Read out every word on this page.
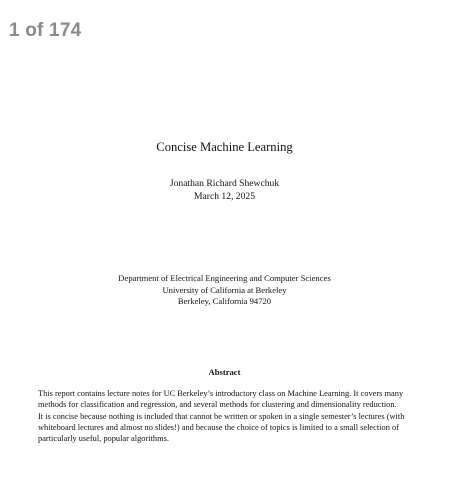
1 of 174
Concise Machine Learning
Jonathan Richard Shewchuk
March 12, 2025
Department of Electrical Engineering and Computer Sciences
University of California at Berkeley
Berkeley, California 94720
Abstract
This report contains lecture notes for UC Berkeley’s introductory class on Machine Learning. It covers many
methods for classification and regression, and several methods for clustering and dimensionality reduction.
It is concise because nothing is included that cannot be written or spoken in a single semester’s lectures (with
whiteboard lectures and almost no slides!) and because the choice of topics is limited to a small selection of
particularly useful, popular algorithms.
